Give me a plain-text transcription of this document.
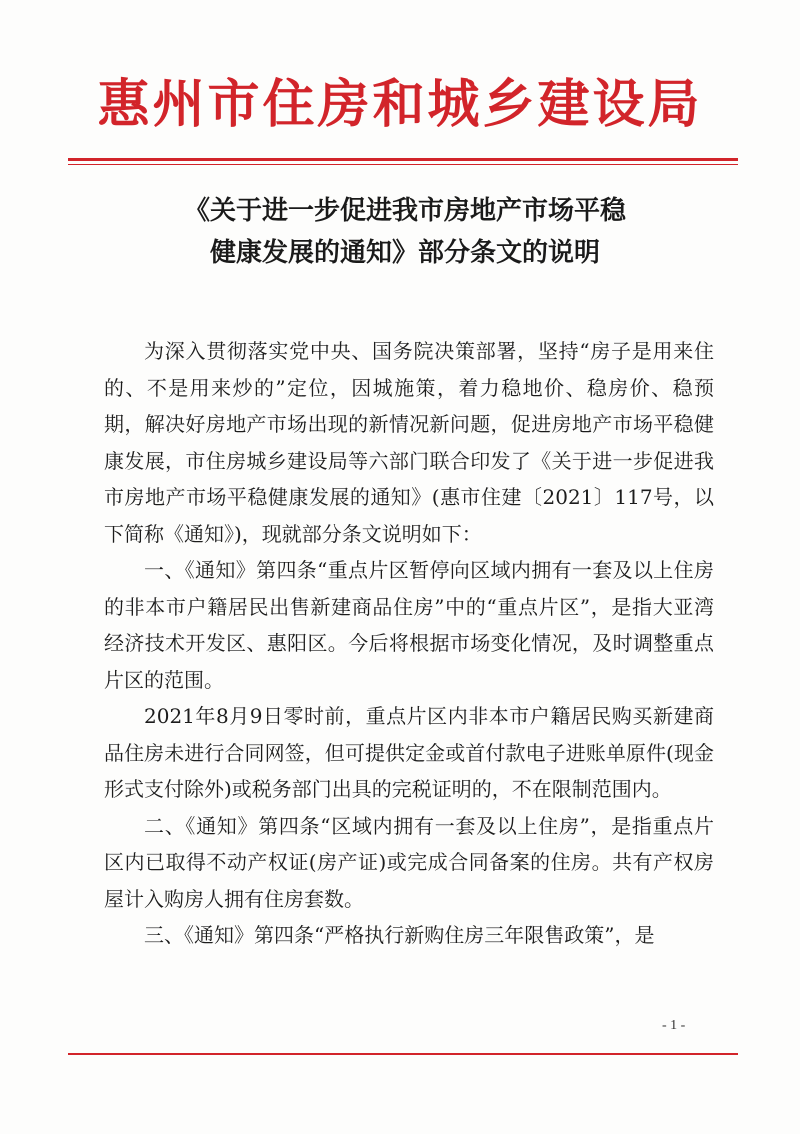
惠州市住房和城乡建设局
《关于进一步促进我市房地产市场平稳
健康发展的通知》部分条文的说明

为深入贯彻落实党中央、国务院决策部署，坚持“房子是用来住的、不是用来炒的”定位，因城施策，着力稳地价、稳房价、稳预期，解决好房地产市场出现的新情况新问题，促进房地产市场平稳健康发展，市住房城乡建设局等六部门联合印发了《关于进一步促进我市房地产市场平稳健康发展的通知》(惠市住建〔2021〕117号，以下简称《通知》)，现就部分条文说明如下：

一、《通知》第四条“重点片区暂停向区域内拥有一套及以上住房的非本市户籍居民出售新建商品住房”中的“重点片区”，是指大亚湾经济技术开发区、惠阳区。今后将根据市场变化情况，及时调整重点片区的范围。

2021年8月9日零时前，重点片区内非本市户籍居民购买新建商品住房未进行合同网签，但可提供定金或首付款电子进账单原件(现金形式支付除外)或税务部门出具的完税证明的，不在限制范围内。

二、《通知》第四条“区域内拥有一套及以上住房”，是指重点片区内已取得不动产权证(房产证)或完成合同备案的住房。共有产权房屋计入购房人拥有住房套数。

三、《通知》第四条“严格执行新购住房三年限售政策”，是

- 1 -
